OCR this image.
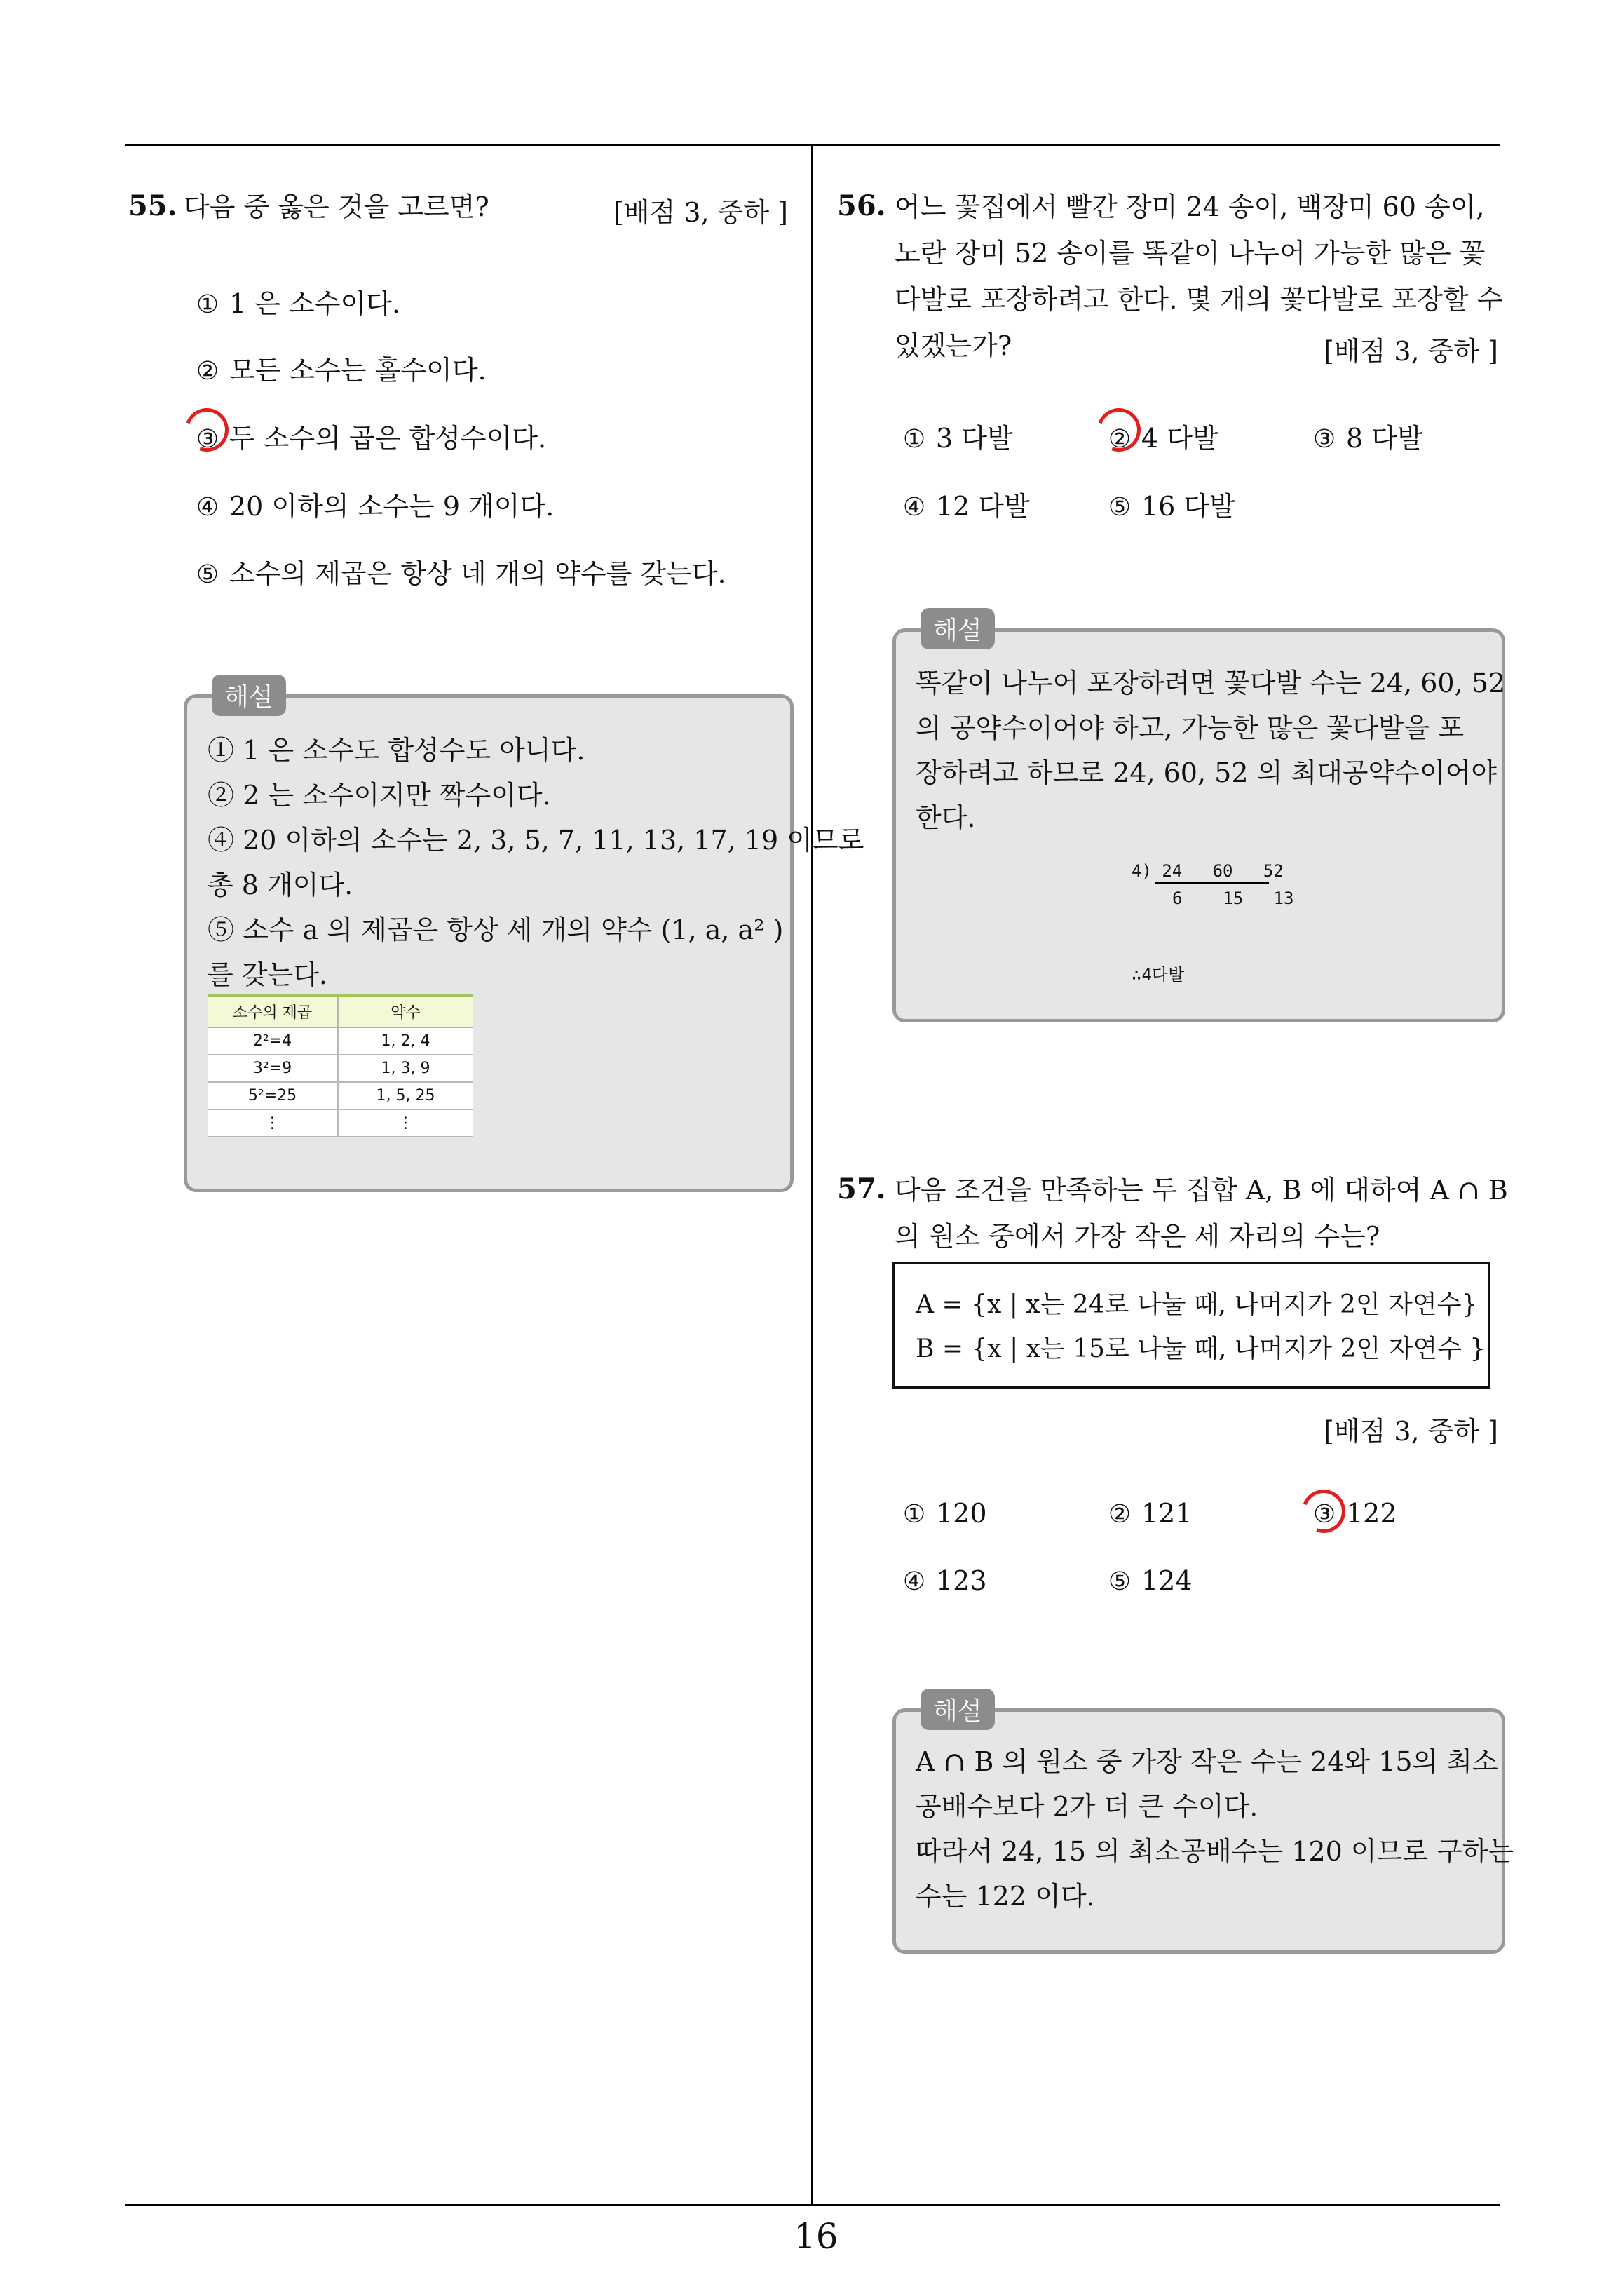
16
55. 다음 중 옳은 것을 고르면?	[배점 3, 중하 ]
① 1 은 소수이다.
② 모든 소수는 홀수이다.
③ 두 소수의 곱은 합성수이다.
④ 20 이하의 소수는 9 개이다.
⑤ 소수의 제곱은 항상 네 개의 약수를 갖는다.
해설
① 1 은 소수도 합성수도 아니다.
② 2 는 소수이지만 짝수이다.
④ 20 이하의 소수는 2, 3, 5, 7, 11, 13, 17, 19 이므로
총 8 개이다.
⑤ 소수 a 의 제곱은 항상 세 개의 약수 (1, a, a² )
를 갖는다.
소수의 제곱	약수
2²=4	1, 2, 4
3²=9	1, 3, 9
5²=25	1, 5, 25
⋮	⋮
56. 어느 꽃집에서 빨간 장미 24 송이, 백장미 60 송이,
노란 장미 52 송이를 똑같이 나누어 가능한 많은 꽃
다발로 포장하려고 한다. 몇 개의 꽃다발로 포장할 수
있겠는가?	[배점 3, 중하 ]
① 3 다발	② 4 다발	③ 8 다발
④ 12 다발	⑤ 16 다발
해설
똑같이 나누어 포장하려면 꽃다발 수는 24, 60, 52
의 공약수이어야 하고, 가능한 많은 꽃다발을 포
장하려고 하므로 24, 60, 52 의 최대공약수이어야
한다.
4) 24   60   52
6    15   13
∴4다발
57. 다음 조건을 만족하는 두 집합 A, B 에 대하여 A ∩ B
의 원소 중에서 가장 작은 세 자리의 수는?
A = {x | x는 24로 나눌 때, 나머지가 2인 자연수}
B = {x | x는 15로 나눌 때, 나머지가 2인 자연수 }
[배점 3, 중하 ]
① 120	② 121	③ 122
④ 123	⑤ 124
해설
A ∩ B 의 원소 중 가장 작은 수는 24와 15의 최소
공배수보다 2가 더 큰 수이다.
따라서 24, 15 의 최소공배수는 120 이므로 구하는
수는 122 이다.
